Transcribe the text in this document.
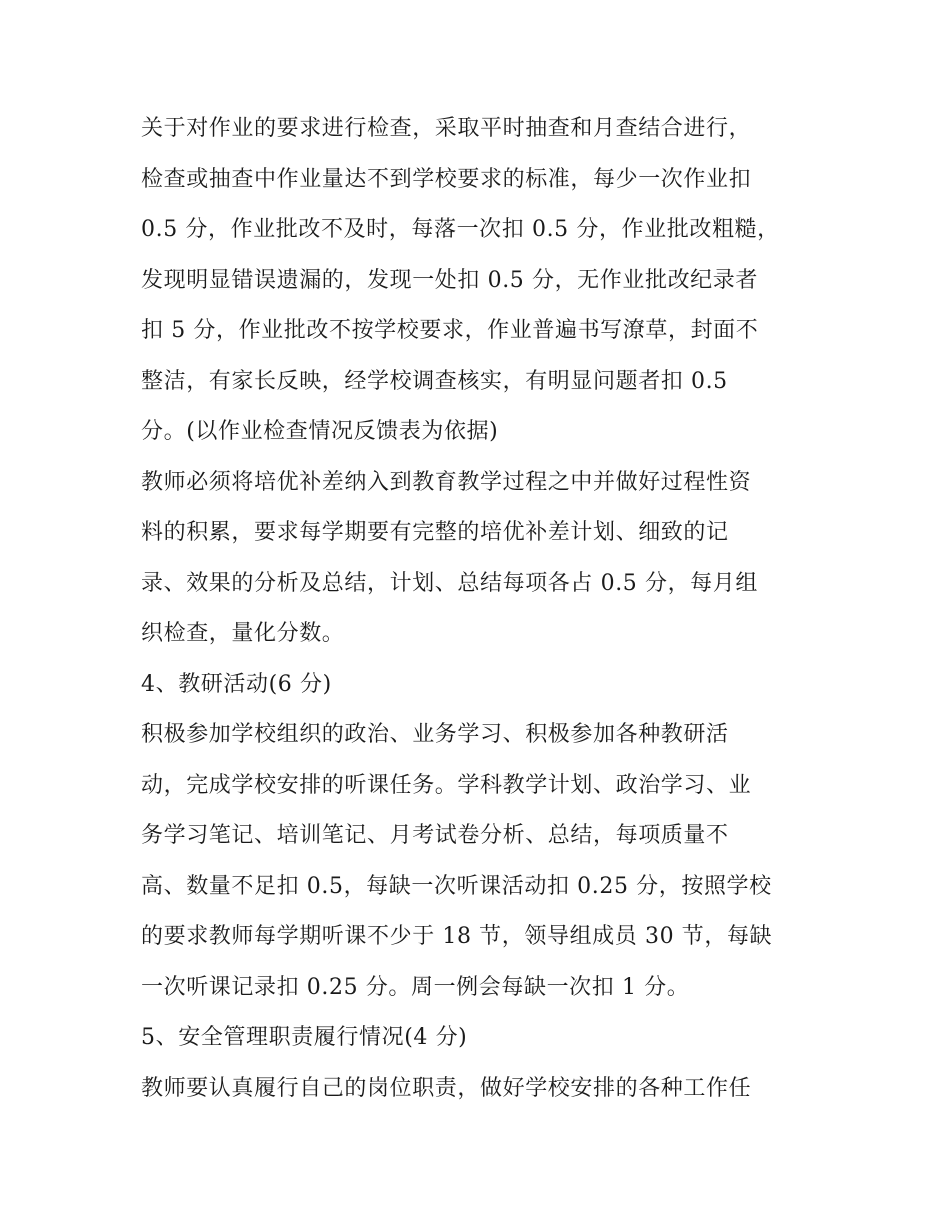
关于对作业的要求进行检查，采取平时抽查和月查结合进行，
检查或抽查中作业量达不到学校要求的标准，每少一次作业扣
0.5 分，作业批改不及时，每落一次扣 0.5 分，作业批改粗糙，
发现明显错误遗漏的，发现一处扣 0.5 分，无作业批改纪录者
扣 5 分，作业批改不按学校要求，作业普遍书写潦草，封面不
整洁，有家长反映，经学校调查核实，有明显问题者扣 0.5
分。(以作业检查情况反馈表为依据)

教师必须将培优补差纳入到教育教学过程之中并做好过程性资
料的积累，要求每学期要有完整的培优补差计划、细致的记
录、效果的分析及总结，计划、总结每项各占 0.5 分，每月组
织检查，量化分数。

4、教研活动(6 分)

积极参加学校组织的政治、业务学习、积极参加各种教研活
动，完成学校安排的听课任务。学科教学计划、政治学习、业
务学习笔记、培训笔记、月考试卷分析、总结，每项质量不
高、数量不足扣 0.5，每缺一次听课活动扣 0.25 分，按照学校
的要求教师每学期听课不少于 18 节，领导组成员 30 节，每缺
一次听课记录扣 0.25 分。周一例会每缺一次扣 1 分。

5、安全管理职责履行情况(4 分)

教师要认真履行自己的岗位职责，做好学校安排的各种工作任
